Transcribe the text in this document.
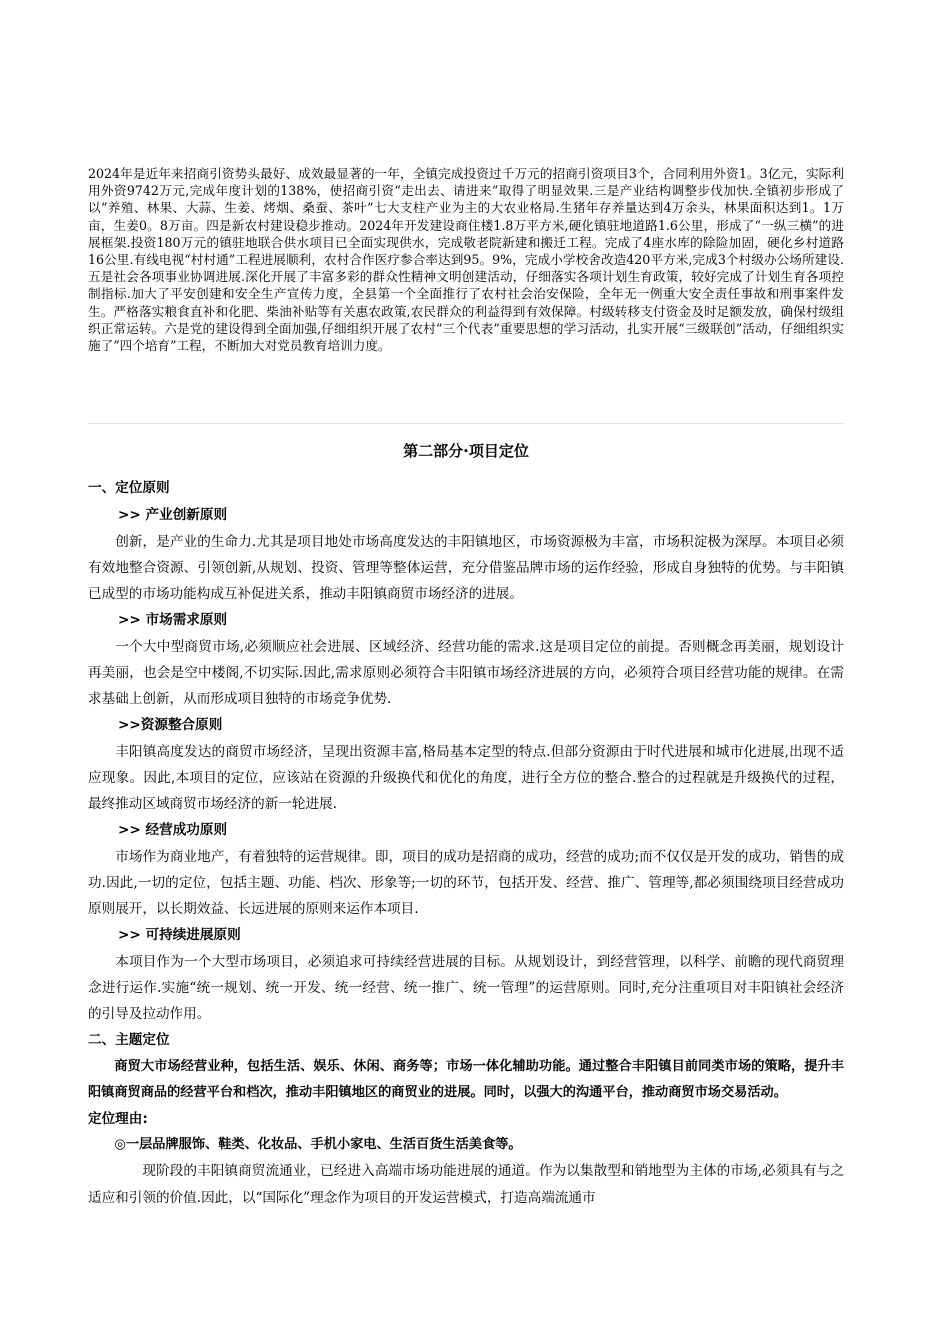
2024年是近年来招商引资势头最好、成效最显著的一年，全镇完成投资过千万元的招商引资项目3个，合同利用外资1。3亿元，实际利用外资9742万元,完成年度计划的138%，使招商引资“走出去、请进来”取得了明显效果.三是产业结构调整步伐加快.全镇初步形成了以“养殖、林果、大蒜、生姜、烤烟、桑蚕、茶叶”七大支柱产业为主的大农业格局.生猪年存养量达到4万余头，林果面积达到1。1万亩，生姜0。8万亩。四是新农村建设稳步推动。2024年开发建设商住楼1.8万平方米,硬化镇驻地道路1.6公里，形成了“一纵三横”的进展框架.投资180万元的镇驻地联合供水项目已全面实现供水，完成敬老院新建和搬迁工程。完成了4座水库的除险加固，硬化乡村道路16公里.有线电视“村村通”工程进展顺利，农村合作医疗参合率达到95。9%，完成小学校舍改造420平方米,完成3个村级办公场所建设.五是社会各项事业协调进展.深化开展了丰富多彩的群众性精神文明创建活动，仔细落实各项计划生育政策，较好完成了计划生育各项控制指标.加大了平安创建和安全生产宣传力度，全县第一个全面推行了农村社会治安保险，全年无一例重大安全责任事故和刑事案件发生。严格落实粮食直补和化肥、柴油补贴等有关惠农政策,农民群众的利益得到有效保障。村级转移支付资金及时足额发放，确保村级组织正常运转。六是党的建设得到全面加强,仔细组织开展了农村“三个代表”重要思想的学习活动，扎实开展“三级联创”活动，仔细组织实施了”四个培育”工程，不断加大对党员教育培训力度。
第二部分·项目定位
一、定位原则
>> 产业创新原则

创新，是产业的生命力.尤其是项目地处市场高度发达的丰阳镇地区，市场资源极为丰富，市场积淀极为深厚。本项目必须有效地整合资源、引领创新,从规划、投资、管理等整体运营，充分借鉴品牌市场的运作经验，形成自身独特的优势。与丰阳镇已成型的市场功能构成互补促进关系，推动丰阳镇商贸市场经济的进展。

>> 市场需求原则

一个大中型商贸市场,必须顺应社会进展、区域经济、经营功能的需求.这是项目定位的前提。否则概念再美丽，规划设计再美丽，也会是空中楼阁,不切实际.因此,需求原则必须符合丰阳镇市场经济进展的方向，必须符合项目经营功能的规律。在需求基础上创新，从而形成项目独特的市场竞争优势.

>>资源整合原则

丰阳镇高度发达的商贸市场经济，呈现出资源丰富,格局基本定型的特点.但部分资源由于时代进展和城市化进展,出现不适应现象。因此,本项目的定位，应该站在资源的升级换代和优化的角度，进行全方位的整合.整合的过程就是升级换代的过程，最终推动区域商贸市场经济的新一轮进展.

>> 经营成功原则

市场作为商业地产，有着独特的运营规律。即，项目的成功是招商的成功，经营的成功;而不仅仅是开发的成功，销售的成功.因此,一切的定位，包括主题、功能、档次、形象等;一切的环节，包括开发、经营、推广、管理等,都必须围绕项目经营成功原则展开，以长期效益、长远进展的原则来运作本项目.

>> 可持续进展原则

本项目作为一个大型市场项目，必须追求可持续经营进展的目标。从规划设计，到经营管理，以科学、前瞻的现代商贸理念进行运作.实施“统一规划、统一开发、统一经营、统一推广、统一管理”的运营原则。同时,充分注重项目对丰阳镇社会经济的引导及拉动作用。

二、主题定位

商贸大市场经营业种，包括生活、娱乐、休闲、商务等；市场一体化辅助功能。通过整合丰阳镇目前同类市场的策略，提升丰阳镇商贸商品的经营平台和档次，推动丰阳镇地区的商贸业的进展。同时，以强大的沟通平台，推动商贸市场交易活动。

定位理由:

◎一层品牌服饰、鞋类、化妆品、手机小家电、生活百货生活美食等。

现阶段的丰阳镇商贸流通业，已经进入高端市场功能进展的通道。作为以集散型和销地型为主体的市场,必须具有与之适应和引领的价值.因此，以“国际化”理念作为项目的开发运营模式，打造高端流通市
